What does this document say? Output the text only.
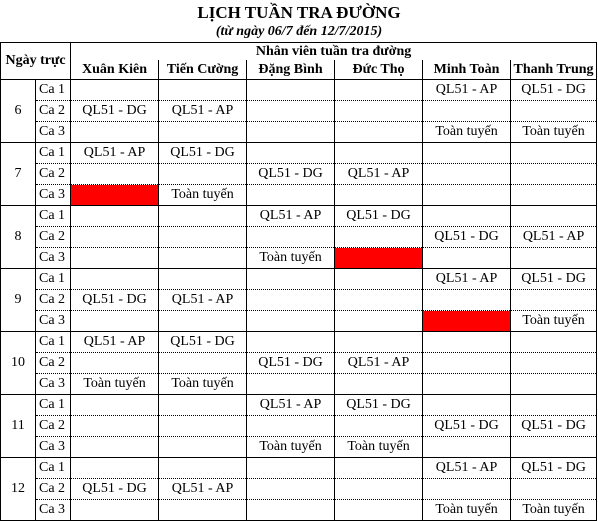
LỊCH TUẦN TRA ĐƯỜNG
(từ ngày 06/7 đến 12/7/2015)
Ngày trực		Nhân viên tuần tra đường					
		Xuân Kiên	Tiến Cường	Đặng Bình	Đức Thọ	Minh Toàn	Thanh Trung
6	Ca 1					QL51 - AP	QL51 - DG
	Ca 2	QL51 - DG	QL51 - AP				
	Ca 3					Toàn tuyến	Toàn tuyến
7	Ca 1	QL51 - AP	QL51 - DG				
	Ca 2			QL51 - DG	QL51 - AP		
	Ca 3		Toàn tuyến				
8	Ca 1			QL51 - AP	QL51 - DG		
	Ca 2					QL51 - DG	QL51 - AP
	Ca 3			Toàn tuyến			
9	Ca 1					QL51 - AP	QL51 - DG
	Ca 2	QL51 - DG	QL51 - AP				
	Ca 3						Toàn tuyến
10	Ca 1	QL51 - AP	QL51 - DG				
	Ca 2			QL51 - DG	QL51 - AP		
	Ca 3	Toàn tuyến	Toàn tuyến				
11	Ca 1			QL51 - AP	QL51 - DG		
	Ca 2					QL51 - DG	QL51 - DG
	Ca 3			Toàn tuyến	Toàn tuyến		
12	Ca 1					QL51 - AP	QL51 - DG
	Ca 2	QL51 - DG	QL51 - AP				
	Ca 3					Toàn tuyến	Toàn tuyến
